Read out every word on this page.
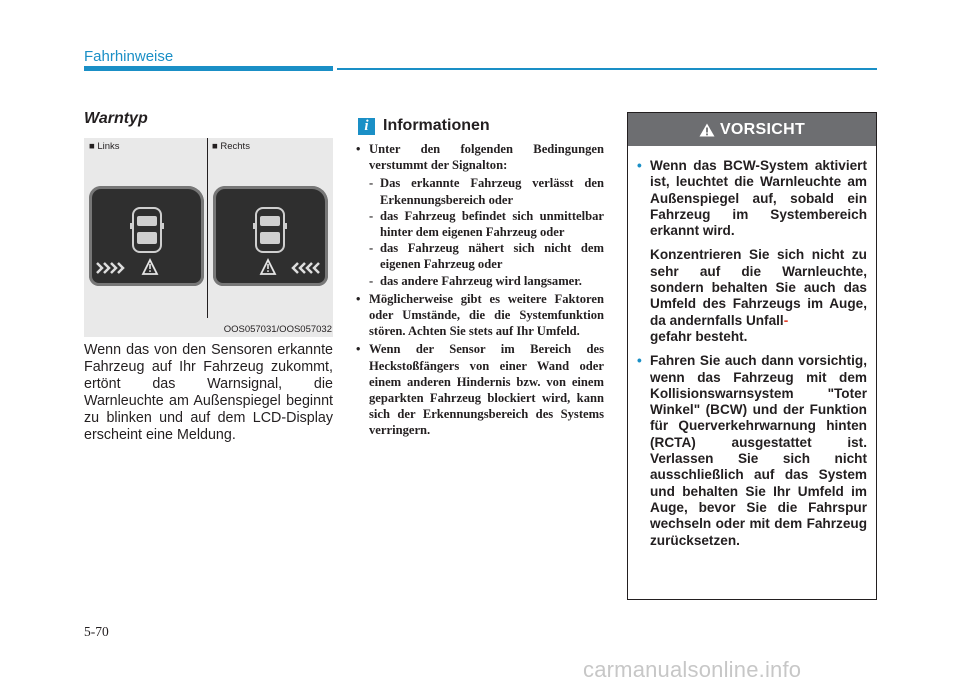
Fahrhinweise
Warntyp
■ Links	■ Rechts
OOS057031/OOS057032

Wenn das von den Sensoren erkannte Fahrzeug auf Ihr Fahrzeug zukommt, ertönt das Warnsignal, die Warnleuchte am Außenspiegel beginnt zu blinken und auf dem LCD-Display erscheint eine Meldung.

i Informationen
• Unter den folgenden Bedingungen verstummt der Signalton:
- Das erkannte Fahrzeug verlässt den Erkennungsbereich oder
- das Fahrzeug befindet sich unmittelbar hinter dem eigenen Fahrzeug oder
- das Fahrzeug nähert sich nicht dem eigenen Fahrzeug oder
- das andere Fahrzeug wird langsamer.
• Möglicherweise gibt es weitere Faktoren oder Umstände, die die Systemfunktion stören. Achten Sie stets auf Ihr Umfeld.
• Wenn der Sensor im Bereich des Heckstoßfängers von einer Wand oder einem anderen Hindernis bzw. von einem geparkten Fahrzeug blockiert wird, kann sich der Erkennungsbereich des Systems verringern.
VORSICHT
• Wenn das BCW-System aktiviert ist, leuchtet die Warnleuchte am Außenspiegel auf, sobald ein Fahrzeug im Systembereich erkannt wird.
Konzentrieren Sie sich nicht zu sehr auf die Warnleuchte, sondern behalten Sie auch das Umfeld des Fahrzeugs im Auge, da andernfalls Unfall-
gefahr besteht.
• Fahren Sie auch dann vorsichtig, wenn das Fahrzeug mit dem Kollisionswarnsystem "Toter Winkel" (BCW) und der Funktion für Querverkehrwarnung hinten (RCTA) ausgestattet ist. Verlassen Sie sich nicht ausschließlich auf das System und behalten Sie Ihr Umfeld im Auge, bevor Sie die Fahrspur wechseln oder mit dem Fahrzeug zurücksetzen.
5-70
carmanualsonline.info
